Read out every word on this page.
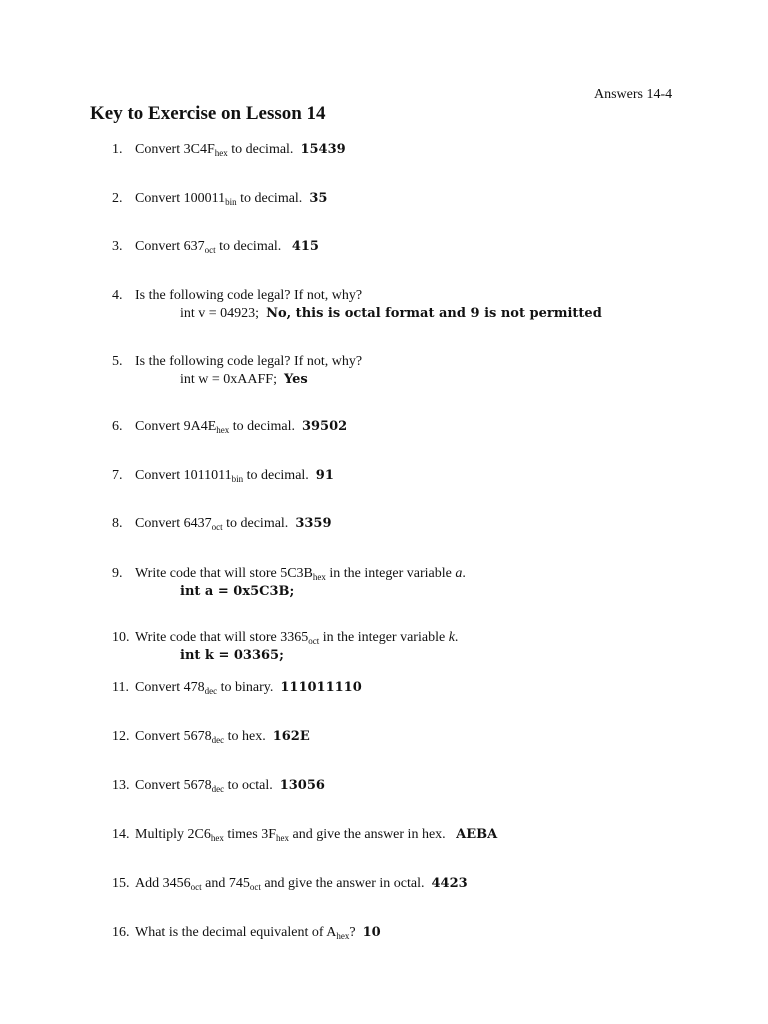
Answers 14-4
Key to Exercise on Lesson 14
1. Convert $3C4F_{hex}$ to decimal.  15439
2. Convert $100011_{bin}$ to decimal.  35
3. Convert $637_{oct}$ to decimal.   415
4. Is the following code legal? If not, why?
int v = 04923;  No, this is octal format and 9 is not permitted
5. Is the following code legal? If not, why?
int w = 0xAAFF;  Yes
6. Convert $9A4E_{hex}$ to decimal.  39502
7. Convert $1011011_{bin}$ to decimal.  91
8. Convert $6437_{oct}$ to decimal.  3359
9. Write code that will store $5C3B_{hex}$ in the integer variable a.
int a = 0x5C3B;
10. Write code that will store $3365_{oct}$ in the integer variable k.
int k = 03365;
11. Convert $478_{dec}$ to binary.  111011110
12. Convert $5678_{dec}$ to hex.  162E
13. Convert $5678_{dec}$ to octal.  13056
14. Multiply $2C6_{hex}$ times $3F_{hex}$ and give the answer in hex.   AEBA
15. Add $3456_{oct}$ and $745_{oct}$ and give the answer in octal.  4423
16. What is the decimal equivalent of $A_{hex}$?  10
